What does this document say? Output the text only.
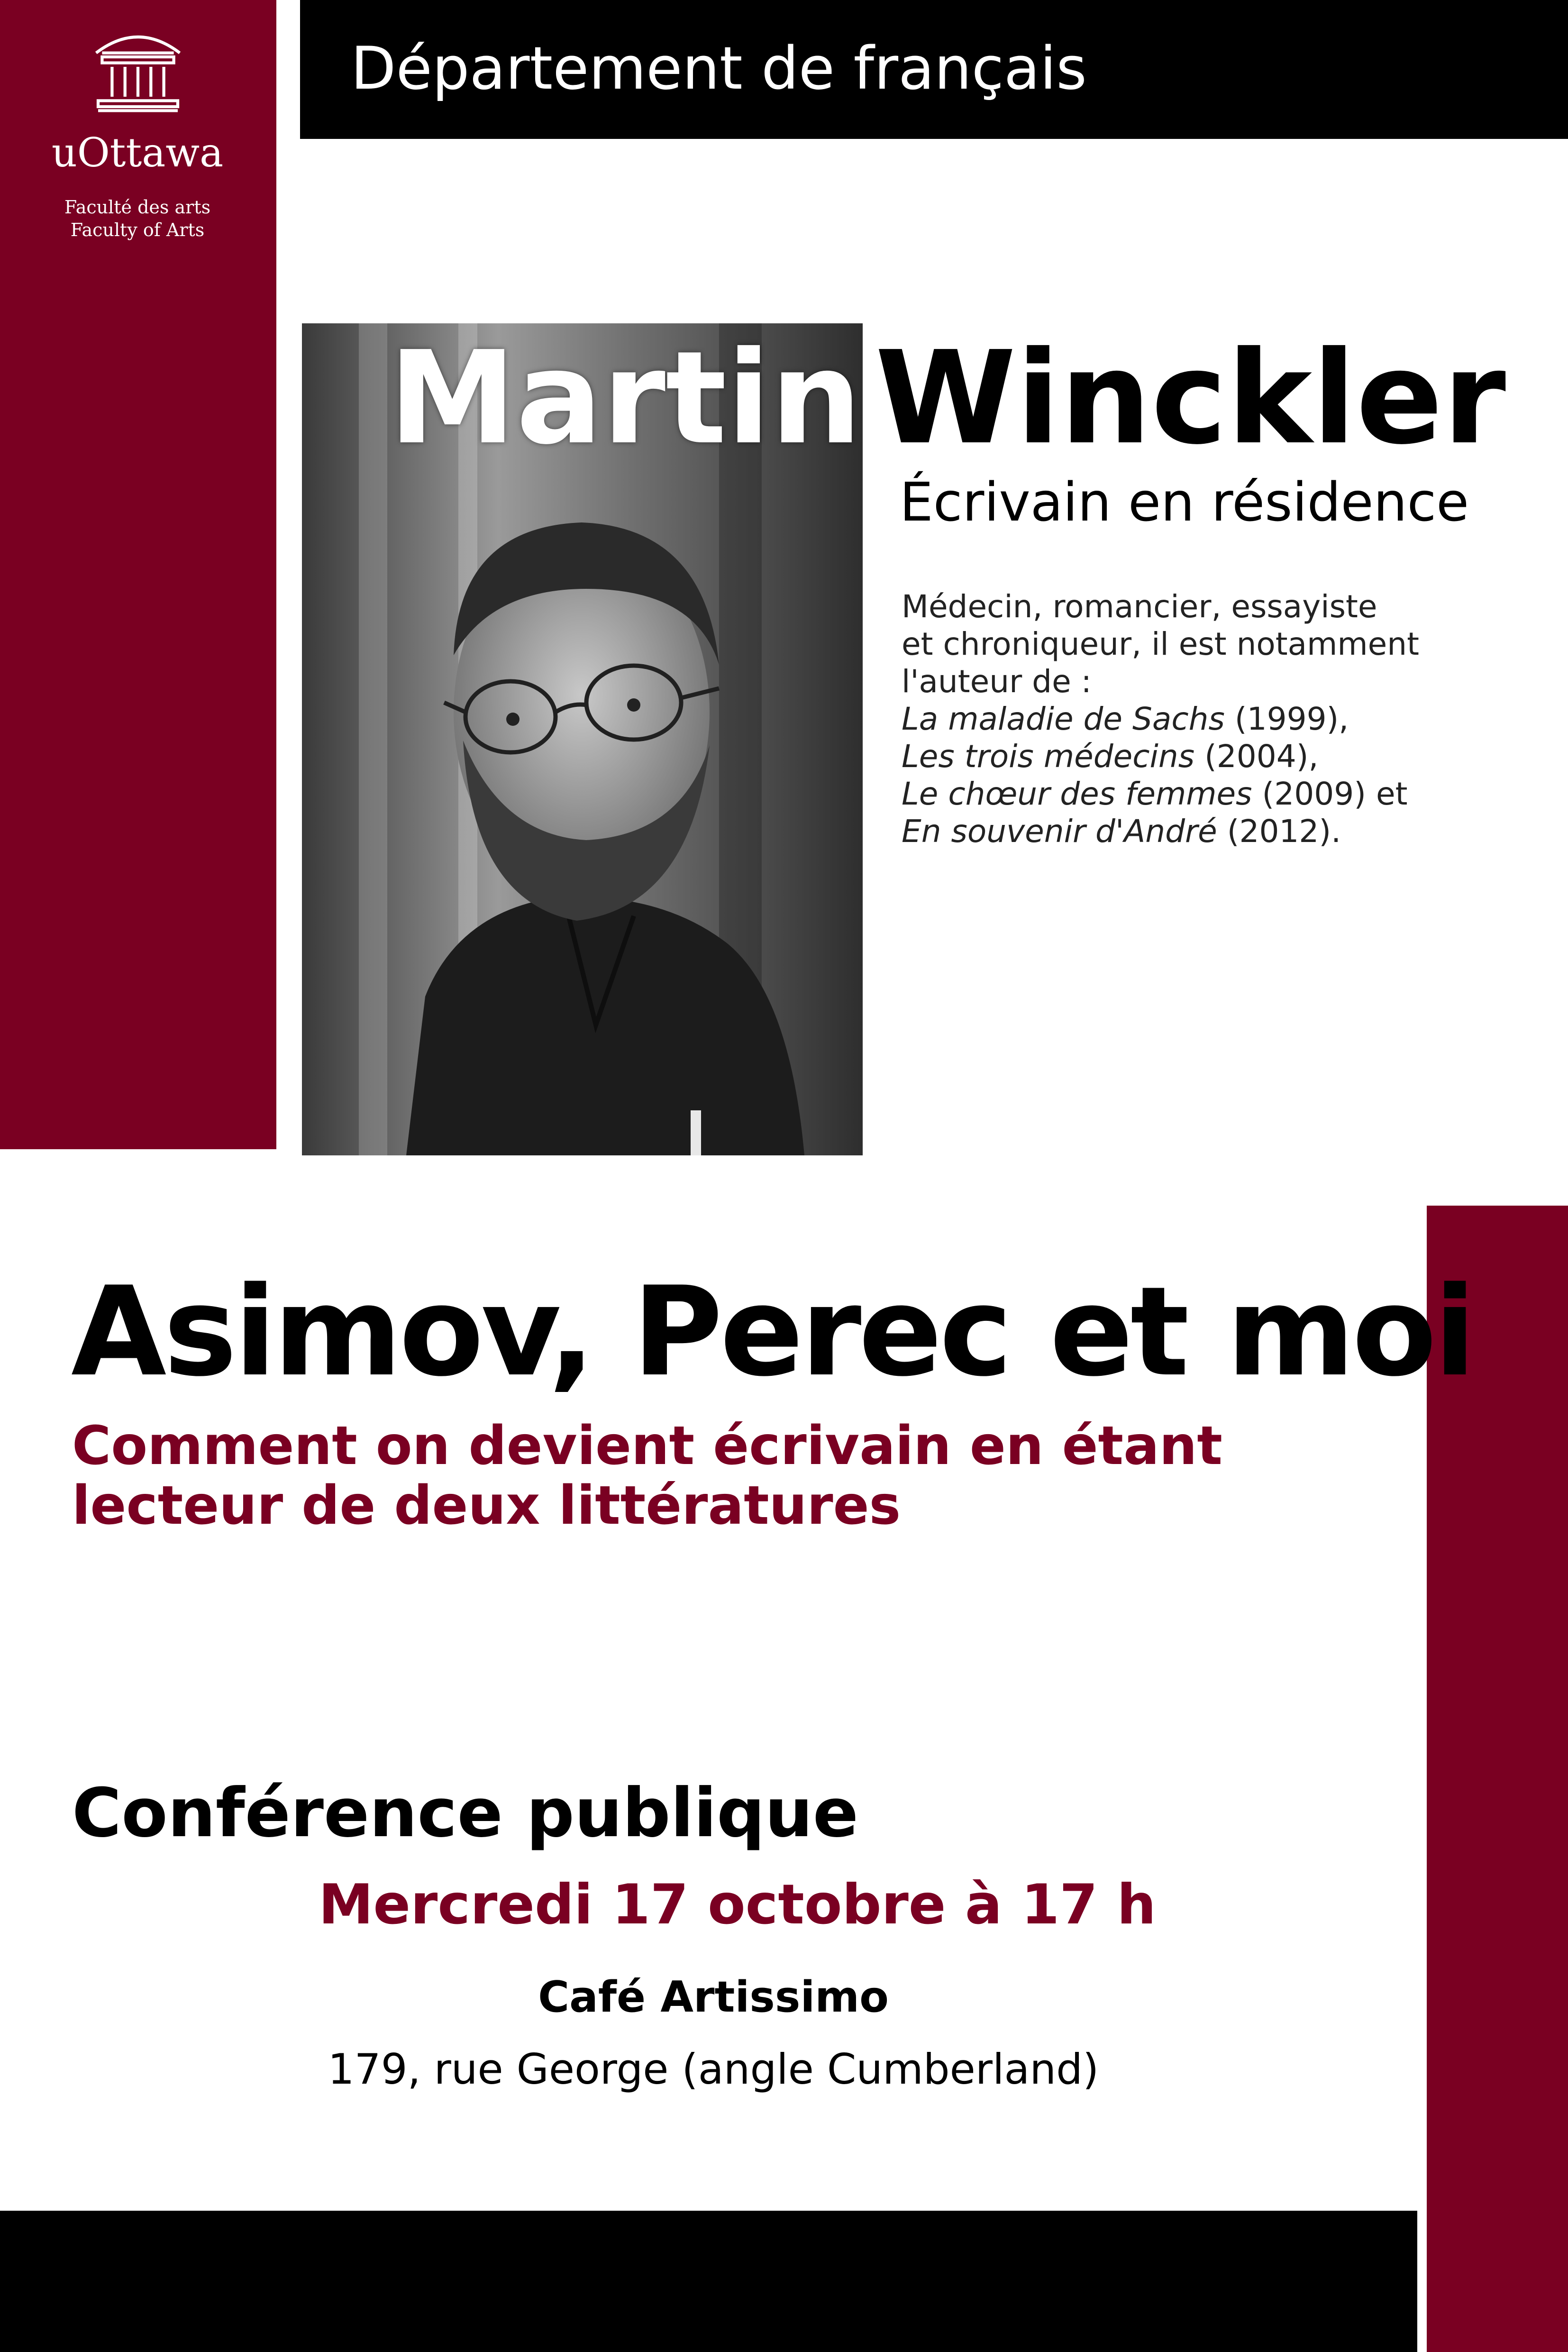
Département de français
uOttawa
Faculté des arts
Faculty of Arts
Martin Winckler
Écrivain en résidence

Médecin, romancier, essayiste

et chroniqueur, il est notamment

l'auteur de :

La maladie de Sachs (1999),

Les trois médecins (2004),

Le chœur des femmes (2009) et

En souvenir d'André (2012).

Asimov, Perec et moi
Comment on devient écrivain en étant
lecteur de deux littératures
Conférence publique
Mercredi 17 octobre à 17 h
Café Artissimo
179, rue George (angle Cumberland)
